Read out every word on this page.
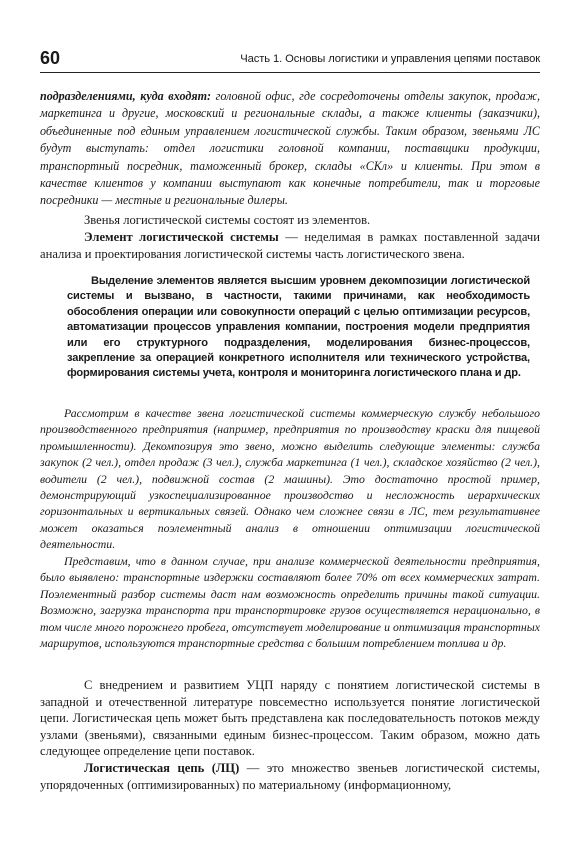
60	Часть 1. Основы логистики и управления цепями поставок

подразделениями, куда входят: головной офис, где сосредоточены отделы закупок, продаж, маркетинга и другие, московский и региональные склады, а также клиенты (заказчики), объединенные под единым управлением логистической службы. Таким образом, звеньями ЛС будут выступать: отдел логистики головной компании, поставщики продукции, транспортный посредник, таможенный брокер, склады «СКл» и клиенты. При этом в качестве клиентов у компании выступают как конечные потребители, так и торговые посредники — местные и региональные дилеры.

Звенья логистической системы состоят из элементов.

Элемент логистической системы — неделимая в рамках поставленной задачи анализа и проектирования логистической системы часть логистического звена.

Выделение элементов является высшим уровнем декомпозиции логистической системы и вызвано, в частности, такими причинами, как необходимость обособления операции или совокупности операций с целью оптимизации ресурсов, автоматизации процессов управления компании, построения модели предприятия или его структурного подразделения, моделирования бизнес-процессов, закрепление за операцией конкретного исполнителя или технического устройства, формирования системы учета, контроля и мониторинга логистического плана и др.

Рассмотрим в качестве звена логистической системы коммерческую службу небольшого производственного предприятия (например, предприятия по производству краски для пищевой промышленности). Декомпозируя это звено, можно выделить следующие элементы: служба закупок (2 чел.), отдел продаж (3 чел.), служба маркетинга (1 чел.), складское хозяйство (2 чел.), водители (2 чел.), подвижной состав (2 машины). Это достаточно простой пример, демонстрирующий узкоспециализированное производство и несложность иерархических горизонтальных и вертикальных связей. Однако чем сложнее связи в ЛС, тем результативнее может оказаться поэлементный анализ в отношении оптимизации логистической деятельности.

Представим, что в данном случае, при анализе коммерческой деятельности предприятия, было выявлено: транспортные издержки составляют более 70% от всех коммерческих затрат. Поэлементный разбор системы даст нам возможность определить причины такой ситуации. Возможно, загрузка транспорта при транспортировке грузов осуществляется нерационально, в том числе много порожнего пробега, отсутствует моделирование и оптимизация транспортных маршрутов, используются транспортные средства с большим потреблением топлива и др.

С внедрением и развитием УЦП наряду с понятием логистической системы в западной и отечественной литературе повсеместно используется понятие логистической цепи. Логистическая цепь может быть представлена как последовательность потоков между узлами (звеньями), связанными единым бизнес-процессом. Таким образом, можно дать следующее определение цепи поставок.

Логистическая цепь (ЛЦ) — это множество звеньев логистической системы, упорядоченных (оптимизированных) по материальному (информационному,
